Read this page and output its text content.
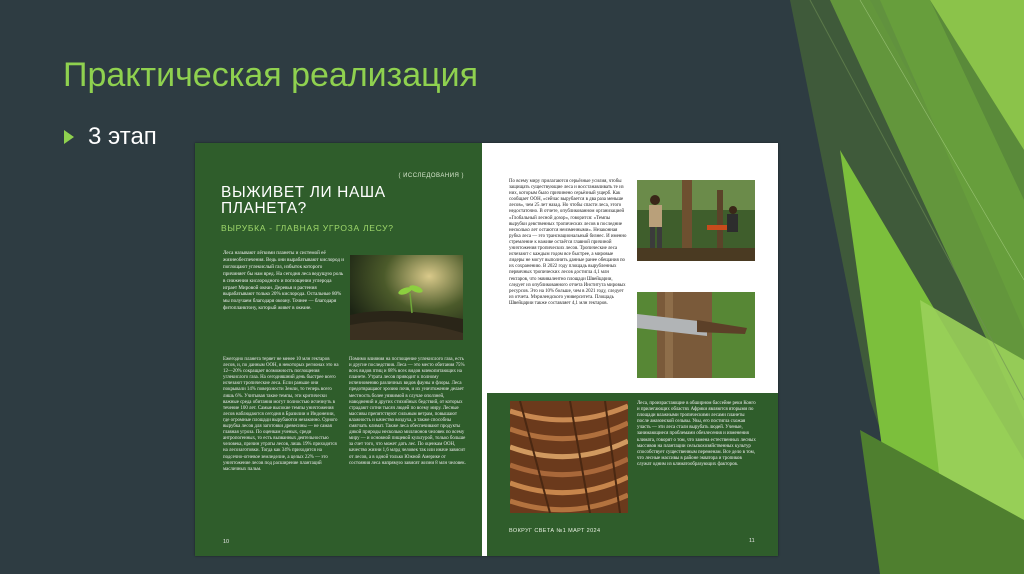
Практическая реализация
3 этап
( ИССЛЕДОВАНИЯ )
ВЫЖИВЕТ ЛИ НАША ПЛАНЕТА?
ВЫРУБКА - ГЛАВНАЯ УГРОЗА ЛЕСУ?
Леса называют лёгкими планеты и системой её жизнеобеспечения. Ведь они вырабатывают кислород и поглощают углекислый газ, избыток которого причиняет бы нам вред. На сегодня леса ведущую роль в снижении кислородного и поглощении углерода играет Мировой океан. Деревья и растения вырабатывают только 20% кислорода. Остальные 80% мы получаем благодаря океану. Точнее — благодаря фитопланктону, который живет в океане.
Ежегодно планета теряет не менее 10 млн гектаров лесов, и, по данным ООН, в некоторых регионах это на 12—20% сокращает возможность поглощения углекислого газа. На сегодняшний день быстрее всего исчезают тропические леса. Если раньше они покрывали 14% поверхности Земли, то теперь всего лишь 6%. Учитывая такие темпы, эти критически важные среда обитания могут полностью исчезнуть в течение 100 лет. Самые высокие темпы уничтожения лесов наблюдаются сегодня в Бразилии и Индонезии, где огромные площади вырубаются незаконно. Одного вырубка лесов для заготовки древесины — не самая главная угроза. По оценкам ученых, среди антропогенных, то есть вызванных деятельностью человека, причин утраты лесов, лишь 19% приходится на лесозаготовки. Тогда как 34% приходится на подсечно-огневое земледелие, а целых 22% — это уничтожение лесов под расширение плантаций масличных пальм.
Помимо влияния на поглощение углекислого газа, есть и другие последствия. Леса — это место обитания 75% всех видов птиц и 68% всех видов млекопитающих на планете. Утрата лесов приводит к полному исчезновению различных видов фауны и флоры. Леса предотвращают эрозию почв, и их уничтожение делает местность более уязвимой в случае оползней, наводнений и других стихийных бедствий, от которых страдают сотни тысяч людей по всему миру. Лесные массивы препятствуют сильным ветрам, повышают влажность и качество воздуха, а также способны смягчать климат. Также леса обеспечивают продукты дикой природы несколько миллионов человек по всему миру — и основной пищевой культурой, только больше за счет того, что может дать лес. По оценкам ООН, качество жизни 1,6 млрд человек так или иначе зависит от лесов, а в одной только Южной Америке от состояния леса напрямую зависят жизни 8 млн человек.
10
По всему миру прилагаются серьёзные усилия, чтобы защищать существующие леса и восстанавливать те из них, которым было причинено серьёзный ущерб. Как сообщает ООН, «сейчас вырубается в два раза меньше лесов», чем 25 лет назад. Но чтобы спасти леса, этого недостаточно. В отчете, опубликованном организацией «Глобальный лесной дозор», говорится: «Темпы вырубки девственных тропических лесов в последние несколько лет остаются неизменными». Незаконная рубка леса — это транснациональный бизнес. И именно стремление к наживе остаётся главной причиной уничтожения тропических лесов. Тропические леса исчезают с каждым годом все быстрее, а мировые лидеры не могут выполнить данные ранее обещания по их сохранению. В 2022 году площадь вырубленных первичных тропических лесов достигла 4,1 млн гектаров, что эквивалентно площади Швейцарии, следует из опубликованного отчета Института мировых ресурсов. Это на 10% больше, чем в 2021 году, следует из отчета. Мэрилендского университета. Площадь Швейцарии также составляет 4,1 млн гектаров.
Леса, произрастающие в обширном бассейне реки Конго и прилегающих областях Африки являются вторыми по площади влажными тропическими лесами планеты после амазонской сельвы. Увы, его постигла схожая участь — эти леса стали вырубать людей. Ученые, занимающиеся проблемами обезлесения и изменения климата, говорят о том, что замена естественных лесных массивов на плантации сельскохозяйственных культур способствует существенным переменам. Все дело в том, что лесные массивы в районе экватора и тропиков служат одним из климатообразующих факторов.
ВОКРУГ СВЕТА №1 МАРТ 2024
11
